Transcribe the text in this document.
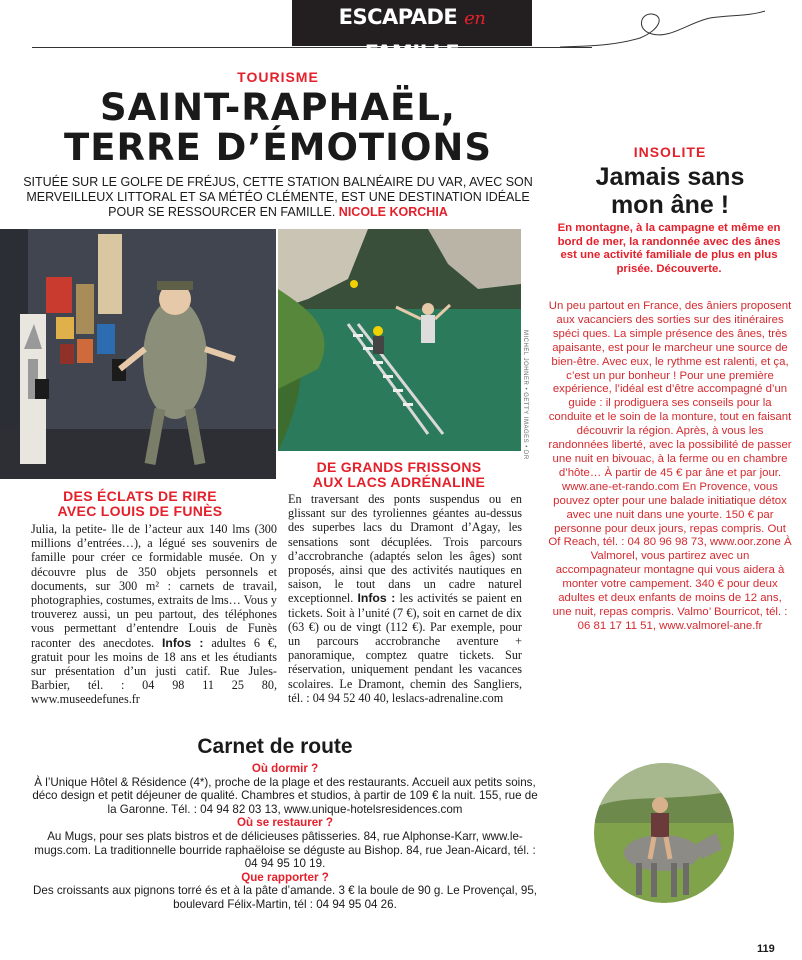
ESCAPADE en FAMILLE
— ✦ • ✦ —
TOURISME
SAINT-RAPHAËL,
TERRE D’ÉMOTIONS
SITUÉE SUR LE GOLFE DE FRÉJUS, CETTE STATION BALNÉAIRE DU VAR, AVEC SON MERVEILLEUX LITTORAL ET SA MÉTÉO CLÉMENTE, EST UNE DESTINATION IDÉALE POUR SE RESSOURCER EN FAMILLE. NICOLE KORCHIA
MICHEL JOHNER • GETTY IMAGES • DR
DES ÉCLATS DE RIRE
AVEC LOUIS DE FUNÈS
Julia, la petite- lle de l’acteur aux 140 lms (300 millions d’entrées…), a légué ses souvenirs de famille pour créer ce formidable musée. On y découvre plus de 350 objets personnels et documents, sur 300 m² : carnets de travail, photographies, costumes, extraits de lms… Vous y trouverez aussi, un peu partout, des téléphones vous permettant d’entendre Louis de Funès raconter des anecdotes. Infos : adultes 6 €, gratuit pour les moins de 18 ans et les étudiants sur présentation d’un justi catif. Rue Jules-Barbier, tél. : 04 98 11 25 80, www.museedefunes.fr
DE GRANDS FRISSONS
AUX LACS ADRÉNALINE
En traversant des ponts suspendus ou en glissant sur des tyroliennes géantes au-dessus des superbes lacs du Dramont d’Agay, les sensations sont décuplées. Trois parcours d’accrobranche (adaptés selon les âges) sont proposés, ainsi que des activités nautiques en saison, le tout dans un cadre naturel exceptionnel. Infos : les activités se paient en tickets. Soit à l’unité (7 €), soit en carnet de dix (63 €) ou de vingt (112 €). Par exemple, pour un parcours accrobranche aventure + panoramique, comptez quatre tickets. Sur réservation, uniquement pendant les vacances scolaires. Le Dramont, chemin des Sangliers, tél. : 04 94 52 40 40, leslacs-adrenaline.com
INSOLITE
Jamais sans
mon âne !
En montagne, à la campagne et même en bord de mer, la randonnée avec des ânes est une activité familiale de plus en plus prisée. Découverte.
Un peu partout en France, des âniers proposent aux vacanciers des sorties sur des itinéraires spéci ques. La simple présence des ânes, très apaisante, est pour le marcheur une source de bien-être. Avec eux, le rythme est ralenti, et ça, c’est un pur bonheur ! Pour une première expérience, l’idéal est d’être accompagné d’un guide : il prodiguera ses conseils pour la conduite et le soin de la monture, tout en faisant découvrir la région. Après, à vous les randonnées liberté, avec la possibilité de passer une nuit en bivouac, à la ferme ou en chambre d’hôte… À partir de 45 € par âne et par jour. www.ane-et-rando.com En Provence, vous pouvez opter pour une balade initiatique détox avec une nuit dans une yourte. 150 € par personne pour deux jours, repas compris. Out Of Reach, tél. : 04 80 96 98 73, www.oor.zone À Valmorel, vous partirez avec un accompagnateur montagne qui vous aidera à monter votre campement. 340 € pour deux adultes et deux enfants de moins de 12 ans, une nuit, repas compris. Valmo’ Bourricot, tél. : 06 81 17 11 51, www.valmorel-ane.fr
Carnet de route
Où dormir ?
À l’Unique Hôtel & Résidence (4*), proche de la plage et des restaurants. Accueil aux petits soins, déco design et petit déjeuner de qualité. Chambres et studios, à partir de 109 € la nuit. 155, rue de la Garonne. Tél. : 04 94 82 03 13, www.unique-hotelsresidences.com
Où se restaurer ?
Au Mugs, pour ses plats bistros et de délicieuses pâtisseries. 84, rue Alphonse-Karr, www.le-mugs.com. La traditionnelle bourride raphaëloise se déguste au Bishop. 84, rue Jean-Aicard, tél. : 04 94 95 10 19.
Que rapporter ?
Des croissants aux pignons torré és et à la pâte d’amande. 3 € la boule de 90 g. Le Provençal, 95, boulevard Félix-Martin, tél : 04 94 95 04 26.
119
